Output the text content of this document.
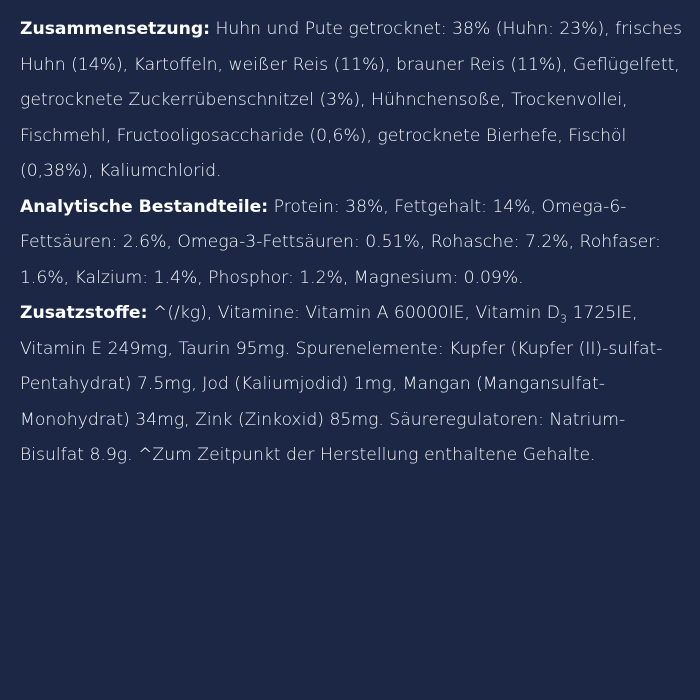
Zusammensetzung: Huhn und Pute getrocknet: 38% (Huhn: 23%), frisches Huhn (14%), Kartoffeln, weißer Reis (11%), brauner Reis (11%), Geflügelfett, getrocknete Zuckerrübenschnitzel (3%), Hühnchensoße, Trockenvollei, Fischmehl, Fructooligosaccharide (0,6%), getrocknete Bierhefe, Fischöl (0,38%), Kaliumchlorid.

Analytische Bestandteile: Protein: 38%, Fettgehalt: 14%, Omega-6-Fettsäuren: 2.6%, Omega-3-Fettsäuren: 0.51%, Rohasche: 7.2%, Rohfaser: 1.6%, Kalzium: 1.4%, Phosphor: 1.2%, Magnesium: 0.09%.

Zusatzstoffe: ^(/kg), Vitamine: Vitamin A 60000IE, Vitamin $D_3$ 1725IE, Vitamin E 249mg, Taurin 95mg. Spurenelemente: Kupfer (Kupfer (II)-sulfat-Pentahydrat) 7.5mg, Jod (Kaliumjodid) 1mg, Mangan (Mangansulfat-Monohydrat) 34mg, Zink (Zinkoxid) 85mg. Säureregulatoren: Natrium-Bisulfat 8.9g. ^Zum Zeitpunkt der Herstellung enthaltene Gehalte.
